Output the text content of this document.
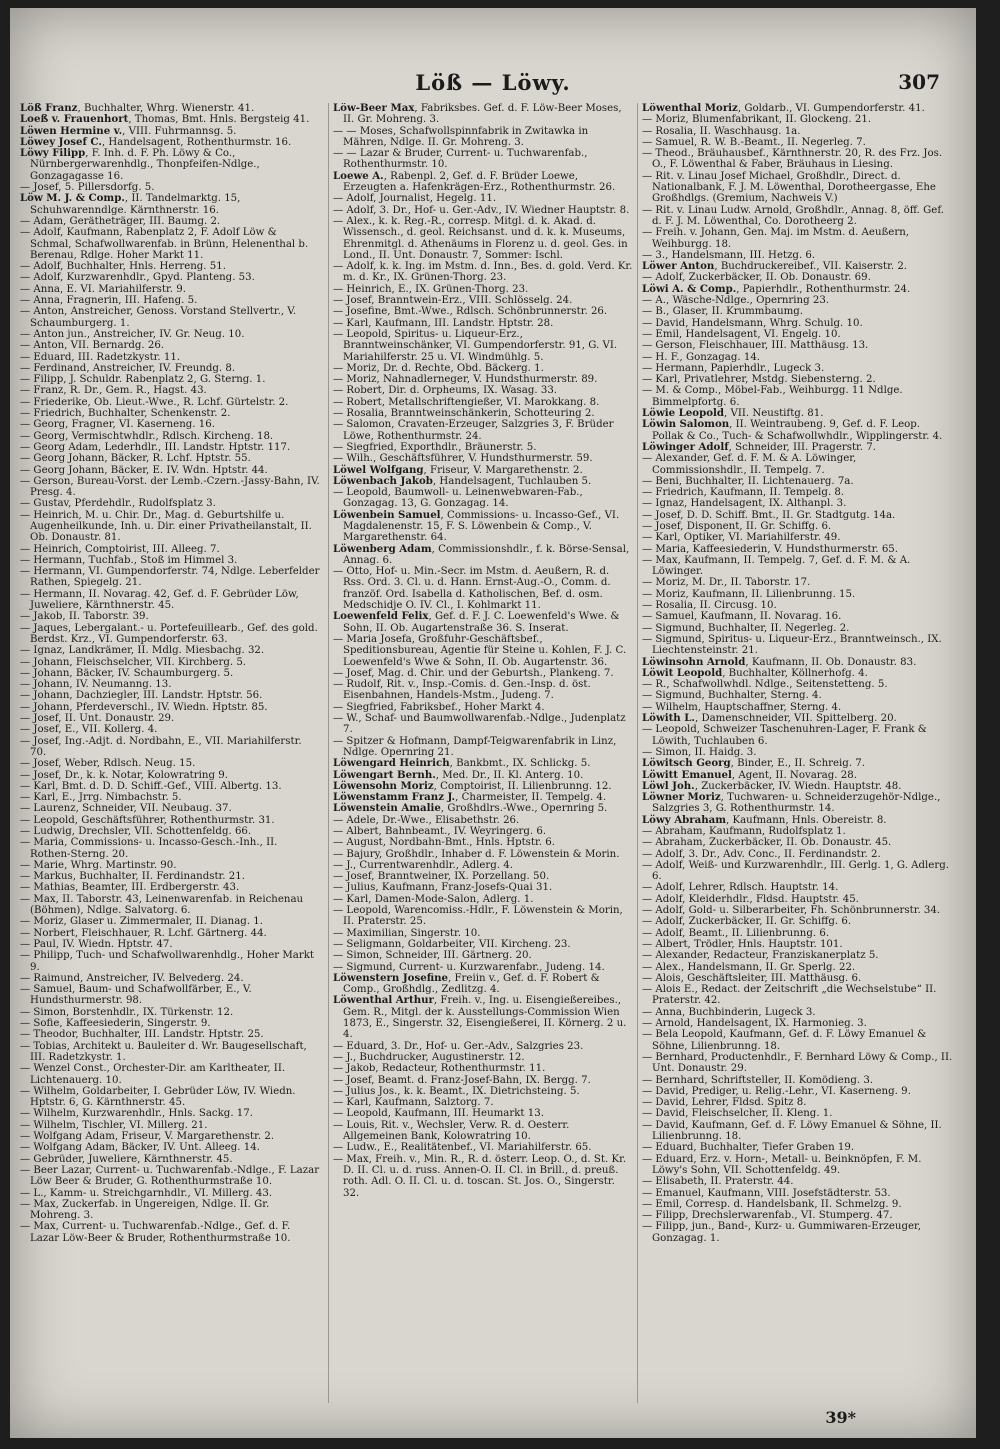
Löß — Löwy.	307
Löß Franz, Buchhalter, Whrg. Wienerstr. 41.
Loeß v. Frauenhort, Thomas, Bmt. Hnls. Bergsteig 41.
Löwen Hermine v., VIII. Fuhrmannsg. 5.
Löwey Josef C., Handelsagent, Rothenthurmstr. 16.
Löwy Filipp, F. Inh. d. F. Ph. Löwy & Co., Nürnbergerwarenhdlg., Thonpfeifen-Ndlge., Gonzagagasse 16.
— Josef, 5. Pillersdorfg. 5.
Löw M. J. & Comp., II. Tandelmarktg. 15, Schuhwarenndlge. Kärnthnerstr. 16.
— Adam, Gerätheträger, III. Baumg. 2.
— Adolf, Kaufmann, Rabenplatz 2, F. Adolf Löw & Schmal, Schafwollwarenfab. in Brünn, Helenenthal b. Berenau, Rdlge. Hoher Markt 11.
— Adolf, Buchhalter, Hnls. Herreng. 51.
— Adolf, Kurzwarenhdlr., Gpyd. Planteng. 53.
— Anna, E. VI. Mariahilferstr. 9.
— Anna, Fragnerin, III. Hafeng. 5.
— Anton, Anstreicher, Genoss. Vorstand Stellvertr., V. Schaumburgerg. 1.
— Anton jun., Anstreicher, IV. Gr. Neug. 10.
— Anton, VII. Bernardg. 26.
— Eduard, III. Radetzkystr. 11.
— Ferdinand, Anstreicher, IV. Freundg. 8.
— Filipp, J. Schuldr. Rabenplatz 2, G. Sterng. 1.
— Franz, R. Dr., Gem. R., Hagst. 43.
— Friederike, Ob. Lieut.-Wwe., R. Lchf. Gürtelstr. 2.
— Friedrich, Buchhalter, Schenkenstr. 2.
— Georg, Fragner, VI. Kaserneng. 16.
— Georg, Vermischtwhdlr., Rdlsch. Kircheng. 18.
— Georg Adam, Lederhdlr., III. Landstr. Hptstr. 117.
— Georg Johann, Bäcker, R. Lchf. Hptstr. 55.
— Georg Johann, Bäcker, E. IV. Wdn. Hptstr. 44.
— Gerson, Bureau-Vorst. der Lemb.-Czern.-Jassy-Bahn, IV. Presg. 4.
— Gustav, Pferdehdlr., Rudolfsplatz 3.
— Heinrich, M. u. Chir. Dr., Mag. d. Geburtshilfe u. Augenheilkunde, Inh. u. Dir. einer Privatheilanstalt, II. Ob. Donaustr. 81.
— Heinrich, Comptoirist, III. Alleeg. 7.
— Hermann, Tuchfab., Stoß im Himmel 3.
— Hermann, VI. Gumpendorferstr. 74, Ndlge. Leberfelder Rathen, Spiegelg. 21.
— Hermann, II. Novarag. 42, Gef. d. F. Gebrüder Löw, Juweliere, Kärnthnerstr. 45.
— Jakob, II. Taborstr. 39.
— Jaques, Lebergalant.- u. Portefeuillearb., Gef. des gold. Berdst. Krz., VI. Gumpendorferstr. 63.
— Ignaz, Landkrämer, II. Mdlg. Miesbachg. 32.
— Johann, Fleischselcher, VII. Kirchberg. 5.
— Johann, Bäcker, IV. Schaumburgerg. 5.
— Johann, IV. Neumanng. 13.
— Johann, Dachziegler, III. Landstr. Hptstr. 56.
— Johann, Pferdeverschl., IV. Wiedn. Hptstr. 85.
— Josef, II. Unt. Donaustr. 29.
— Josef, E., VII. Kollerg. 4.
— Josef, Ing.-Adjt. d. Nordbahn, E., VII. Mariahilferstr. 70.
— Josef, Weber, Rdlsch. Neug. 15.
— Josef, Dr., k. k. Notar, Kolowratring 9.
— Karl, Bmt. d. D. D. Schiff.-Gef., VIII. Albertg. 13.
— Karl, E., Jrrg. Nimbachstr. 5.
— Laurenz, Schneider, VII. Neubaug. 37.
— Leopold, Geschäftsführer, Rothenthurmstr. 31.
— Ludwig, Drechsler, VII. Schottenfeldg. 66.
— Maria, Commissions- u. Incasso-Gesch.-Inh., II. Rothen-Sterng. 20.
— Marie, Whrg. Martinstr. 90.
— Markus, Buchhalter, II. Ferdinandstr. 21.
— Mathias, Beamter, III. Erdbergerstr. 43.
— Max, II. Taborstr. 43, Leinenwarenfab. in Reichenau (Böhmen), Ndlge. Salvatorg. 6.
— Moriz, Glaser u. Zimmermaler, II. Dianag. 1.
— Norbert, Fleischhauer, R. Lchf. Gärtnerg. 44.
— Paul, IV. Wiedn. Hptstr. 47.
— Philipp, Tuch- und Schafwollwarenhdlg., Hoher Markt 9.
— Raimund, Anstreicher, IV. Belvederg. 24.
— Samuel, Baum- und Schafwollfärber, E., V. Hundsthurmerstr. 98.
— Simon, Borstenhdlr., IX. Türkenstr. 12.
— Sofie, Kaffeesiederin, Singerstr. 9.
— Theodor, Buchhalter, III. Landstr. Hptstr. 25.
— Tobias, Architekt u. Bauleiter d. Wr. Baugesellschaft, III. Radetzkystr. 1.
— Wenzel Const., Orchester-Dir. am Karltheater, II. Lichtenauerg. 10.
— Wilhelm, Goldarbeiter, I. Gebrüder Löw, IV. Wiedn. Hptstr. 6, G. Kärnthnerstr. 45.
— Wilhelm, Kurzwarenhdlr., Hnls. Sackg. 17.
— Wilhelm, Tischler, VI. Millerg. 21.
— Wolfgang Adam, Friseur, V. Margarethenstr. 2.
— Wolfgang Adam, Bäcker, IV. Unt. Alleeg. 14.
— Gebrüder, Juweliere, Kärnthnerstr. 45.
— Beer Lazar, Current- u. Tuchwarenfab.-Ndlge., F. Lazar Löw Beer & Bruder, G. Rothenthurmstraße 10.
— L., Kamm- u. Streichgarnhdlr., VI. Millerg. 43.
— Max, Zuckerfab. in Ungereigen, Ndlge. II. Gr. Mohreng. 3.
— Max, Current- u. Tuchwarenfab.-Ndlge., Gef. d. F. Lazar Löw-Beer & Bruder, Rothenthurmstraße 10.
Löw-Beer Max, Fabriksbes. Gef. d. F. Löw-Beer Moses, II. Gr. Mohreng. 3.
— — Moses, Schafwollspinnfabrik in Zwitawka in Mähren, Ndlge. II. Gr. Mohreng. 3.
— — Lazar & Bruder, Current- u. Tuchwarenfab., Rothenthurmstr. 10.
Loewe A., Rabenpl. 2, Gef. d. F. Brüder Loewe, Erzeugten a. Hafenkrägen-Erz., Rothenthurmstr. 26.
— Adolf, Journalist, Hegelg. 11.
— Adolf, 3. Dr., Hof- u. Ger.-Adv., IV. Wiedner Hauptstr. 8.
— Alex., k. k. Reg.-R., corresp. Mitgl. d. k. Akad. d. Wissensch., d. geol. Reichsanst. und d. k. k. Museums, Ehrenmitgl. d. Athenäums in Florenz u. d. geol. Ges. in Lond., II. Unt. Donaustr. 7, Sommer: Ischl.
— Adolf, k. k. Ing. im Mstm. d. Inn., Bes. d. gold. Verd. Kr. m. d. Kr., IX. Grünen-Thorg. 23.
— Heinrich, E., IX. Grünen-Thorg. 23.
— Josef, Branntwein-Erz., VIII. Schlösselg. 24.
— Josefine, Bmt.-Wwe., Rdlsch. Schönbrunnerstr. 26.
— Karl, Kaufmann, III. Landstr. Hptstr. 28.
— Leopold, Spiritus- u. Liqueur-Erz., Branntweinschänker, VI. Gumpendorferstr. 91, G. VI. Mariahilferstr. 25 u. VI. Windmühlg. 5.
— Moriz, Dr. d. Rechte, Obd. Bäckerg. 1.
— Moriz, Nahnadlerneger, V. Hundsthurmerstr. 89.
— Robert, Dir. d. Orpheums, IX. Wasag. 33.
— Robert, Metallschriftengießer, VI. Marokkang. 8.
— Rosalia, Branntweinschänkerin, Schotteuring 2.
— Salomon, Cravaten-Erzeuger, Salzgries 3, F. Brüder Löwe, Rothenthurmstr. 24.
— Siegfried, Exporthdlr., Bräunerstr. 5.
— Wilh., Geschäftsführer, V. Hundsthurmerstr. 59.
Löwel Wolfgang, Friseur, V. Margarethenstr. 2.
Löwenbach Jakob, Handelsagent, Tuchlauben 5.
— Leopold, Baumwoll- u. Leinenwebwaren-Fab., Gonzagag. 13, G. Gonzagag. 14.
Löwenbein Samuel, Commissions- u. Incasso-Gef., VI. Magdalenenstr. 15, F. S. Löwenbein & Comp., V. Margarethenstr. 64.
Löwenberg Adam, Commissionshdlr., f. k. Börse-Sensal, Annag. 6.
— Otto, Hof- u. Min.-Secr. im Mstm. d. Aeußern, R. d. Rss. Ord. 3. Cl. u. d. Hann. Ernst-Aug.-O., Comm. d. franzöf. Ord. Isabella d. Katholischen, Bef. d. osm. Medschidje O. IV. Cl., I. Kohlmarkt 11.
Loewenfeld Felix, Gef. d. F. J. C. Loewenfeld's Wwe. & Sohn, II. Ob. Augartenstraße 36. S. Inserat.
— Maria Josefa, Großfuhr-Geschäftsbef., Speditionsbureau, Agentie für Steine u. Kohlen, F. J. C. Loewenfeld's Wwe & Sohn, II. Ob. Augartenstr. 36.
— Josef, Mag. d. Chir. und der Geburtsh., Plankeng. 7.
— Rudolf, Rit. v., Insp.-Comis. d. Gen.-Insp. d. öst. Eisenbahnen, Handels-Mstm., Judeng. 7.
— Siegfried, Fabriksbef., Hoher Markt 4.
— W., Schaf- und Baumwollwarenfab.-Ndlge., Judenplatz 7.
— Spitzer & Hofmann, Dampf-Teigwarenfabrik in Linz, Ndlge. Opernring 21.
Löwengard Heinrich, Bankbmt., IX. Schlickg. 5.
Löwengart Bernh., Med. Dr., II. Kl. Anterg. 10.
Löwensohn Moriz, Comptoirist, II. Lilienbrunng. 12.
Löwenstamm Franz J., Charmeister, II. Tempelg. 4.
Löwenstein Amalie, Großhdlrs.-Wwe., Opernring 5.
— Adele, Dr.-Wwe., Elisabethstr. 26.
— Albert, Bahnbeamt., IV. Weyringerg. 6.
— August, Nordbahn-Bmt., Hnls. Hptstr. 6.
— Bajury, Großhdlr., Inhaber d. F. Löwenstein & Morin.
— J., Currentwarenhdlr., Adlerg. 4.
— Josef, Branntweiner, IX. Porzellang. 50.
— Julius, Kaufmann, Franz-Josefs-Quai 31.
— Karl, Damen-Mode-Salon, Adlerg. 1.
— Leopold, Warencomiss.-Hdlr., F. Löwenstein & Morin, II. Praterstr. 25.
— Maximilian, Singerstr. 10.
— Seligmann, Goldarbeiter, VII. Kircheng. 23.
— Simon, Schneider, III. Gärtnerg. 20.
— Sigmund, Current- u. Kurzwarenfabr., Judeng. 14.
Löwenstern Josefine, Freiin v., Gef. d. F. Robert & Comp., Großhdlg., Zedlitzg. 4.
Löwenthal Arthur, Freih. v., Ing. u. Eisengießereibes., Gem. R., Mitgl. der k. Ausstellungs-Commission Wien 1873, E., Singerstr. 32, Eisengießerei, II. Körnerg. 2 u. 4.
— Eduard, 3. Dr., Hof- u. Ger.-Adv., Salzgries 23.
— J., Buchdrucker, Augustinerstr. 12.
— Jakob, Redacteur, Rothenthurmstr. 11.
— Josef, Beamt. d. Franz-Josef-Bahn, IX. Bergg. 7.
— Julius Jos., k. k. Beamt., IX. Dietrichsteing. 5.
— Karl, Kaufmann, Salztorg. 7.
— Leopold, Kaufmann, III. Heumarkt 13.
— Louis, Rit. v., Wechsler, Verw. R. d. Oesterr. Allgemeinen Bank, Kolowratring 10.
— Ludw., E., Realitätenbef., VI. Mariahilferstr. 65.
— Max, Freih. v., Min. R., R. d. österr. Leop. O., d. St. Kr. D. II. Cl. u. d. russ. Annen-O. II. Cl. in Brill., d. preuß. roth. Adl. O. II. Cl. u. d. toscan. St. Jos. O., Singerstr. 32.
Löwenthal Moriz, Goldarb., VI. Gumpendorferstr. 41.
— Moriz, Blumenfabrikant, II. Glockeng. 21.
— Rosalia, II. Waschhausg. 1a.
— Samuel, R. W. B.-Beamt., II. Negerleg. 7.
— Theod., Bräuhausbef., Kärnthnerstr. 20, R. des Frz. Jos. O., F. Löwenthal & Faber, Bräuhaus in Liesing.
— Rit. v. Linau Josef Michael, Großhdlr., Direct. d. Nationalbank, F. J. M. Löwenthal, Dorotheergasse, Ehe Großhdlgs. (Gremium, Nachweis V.)
— Rit. v. Linau Ludw. Arnold, Großhdlr., Annag. 8, öff. Gef. d. F. J. M. Löwenthal, Co. Dorotheerg 2.
— Freih. v. Johann, Gen. Maj. im Mstm. d. Aeußern, Weihburgg. 18.
— 3., Handelsmann, III. Hetzg. 6.
Löwer Anton, Buchdruckereibef., VII. Kaiserstr. 2.
— Adolf, Zuckerbäcker, II. Ob. Donaustr. 69.
Löwi A. & Comp., Papierhdlr., Rothenthurmstr. 24.
— A., Wäsche-Ndlge., Opernring 23.
— B., Glaser, II. Krummbaumg.
— David, Handelsmann, Whrg. Schulg. 10.
— Emil, Handelsagent, VI. Engelg. 10.
— Gerson, Fleischhauer, III. Matthäusg. 13.
— H. F., Gonzagag. 14.
— Hermann, Papierhdlr., Lugeck 3.
— Karl, Privatlehrer, Mstdg. Siebensterng. 2.
— M. & Comp., Möbel-Fab., Weihburgg. 11 Ndlge. Bimmelpfortg. 6.
Löwie Leopold, VII. Neustiftg. 81.
Löwin Salomon, II. Weintraubeng. 9, Gef. d. F. Leop. Pollak & Co., Tuch- & Schafwollwhdlr., Wipplingerstr. 4.
Löwinger Adolf, Schneider, III. Pragerstr. 7.
— Alexander, Gef. d. F. M. & A. Löwinger, Commissionshdlr., II. Tempelg. 7.
— Beni, Buchhalter, II. Lichtenauerg. 7a.
— Friedrich, Kaufmann, II. Tempelg. 8.
— Ignaz, Handelsagent, IX. Althanpl. 3.
— Josef, D. D. Schiff. Bmt., II. Gr. Stadtgutg. 14a.
— Josef, Disponent, II. Gr. Schiffg. 6.
— Karl, Optiker, VI. Mariahilferstr. 49.
— Maria, Kaffeesiederin, V. Hundsthurmerstr. 65.
— Max, Kaufmann, II. Tempelg. 7, Gef. d. F. M. & A. Löwinger.
— Moriz, M. Dr., II. Taborstr. 17.
— Moriz, Kaufmann, II. Lilienbrunng. 15.
— Rosalia, II. Circusg. 10.
— Samuel, Kaufmann, II. Novarag. 16.
— Sigmund, Buchhalter, II. Negerleg. 2.
— Sigmund, Spiritus- u. Liqueur-Erz., Branntweinsch., IX. Liechtensteinstr. 21.
Löwinsohn Arnold, Kaufmann, II. Ob. Donaustr. 83.
Löwit Leopold, Buchhalter, Köllnerhofg. 4.
— R., Schafwollwhdl. Ndlge., Seitenstetteng. 5.
— Sigmund, Buchhalter, Sterng. 4.
— Wilhelm, Hauptschaffner, Sterng. 4.
Löwith L., Damenschneider, VII. Spittelberg. 20.
— Leopold, Schweizer Taschenuhren-Lager, F. Frank & Löwith, Tuchlauben 6.
— Simon, II. Haidg. 3.
Löwitsch Georg, Binder, E., II. Schreig. 7.
Löwitt Emanuel, Agent, II. Novarag. 28.
Löwl Joh., Zuckerbäcker, IV. Wiedn. Hauptstr. 48.
Löwner Moriz, Tuchwaren- u. Schneiderzugehör-Ndlge., Salzgries 3, G. Rothenthurmstr. 14.
Löwy Abraham, Kaufmann, Hnls. Obereistr. 8.
— Abraham, Kaufmann, Rudolfsplatz 1.
— Abraham, Zuckerbäcker, II. Ob. Donaustr. 45.
— Adolf, 3. Dr., Adv. Conc., II. Ferdinandstr. 2.
— Adolf, Weiß- und Kurzwarenhdlr., III. Gerlg. 1, G. Adlerg. 6.
— Adolf, Lehrer, Rdlsch. Hauptstr. 14.
— Adolf, Kleiderhdlr., Fldsd. Hauptstr. 45.
— Adolf, Gold- u. Silberarbeiter, Fh. Schönbrunnerstr. 34.
— Adolf, Zuckerbäcker, II. Gr. Schiffg. 6.
— Adolf, Beamt., II. Lilienbrunng. 6.
— Albert, Trödler, Hnls. Hauptstr. 101.
— Alexander, Redacteur, Franziskanerplatz 5.
— Alex., Handelsmann, II. Gr. Sperlg. 22.
— Alois, Geschäftsleiter, III. Matthäusg. 6.
— Alois E., Redact. der Zeitschrift „die Wechselstube“ II. Praterstr. 42.
— Anna, Buchbinderin, Lugeck 3.
— Arnold, Handelsagent, IX. Harmonieg. 3.
— Bela Leopold, Kaufmann, Gef. d. F. Löwy Emanuel & Söhne, Lilienbrunng. 18.
— Bernhard, Productenhdlr., F. Bernhard Löwy & Comp., II. Unt. Donaustr. 29.
— Bernhard, Schriftsteller, II. Komödieng. 3.
— David, Prediger, u. Relig.-Lehr., VI. Kaserneng. 9.
— David, Lehrer, Fldsd. Spitz 8.
— David, Fleischselcher, II. Kleng. 1.
— David, Kaufmann, Gef. d. F. Löwy Emanuel & Söhne, II. Lilienbrunng. 18.
— Eduard, Buchhalter, Tiefer Graben 19.
— Eduard, Erz. v. Horn-, Metall- u. Beinknöpfen, F. M. Löwy's Sohn, VII. Schottenfeldg. 49.
— Elisabeth, II. Praterstr. 44.
— Emanuel, Kaufmann, VIII. Josefstädterstr. 53.
— Emil, Corresp. d. Handelsbank, II. Schmelzg. 9.
— Filipp, Drechslerwarenfab., VI. Stumperg. 47.
— Filipp, jun., Band-, Kurz- u. Gummiwaren-Erzeuger, Gonzagag. 1.
39*
